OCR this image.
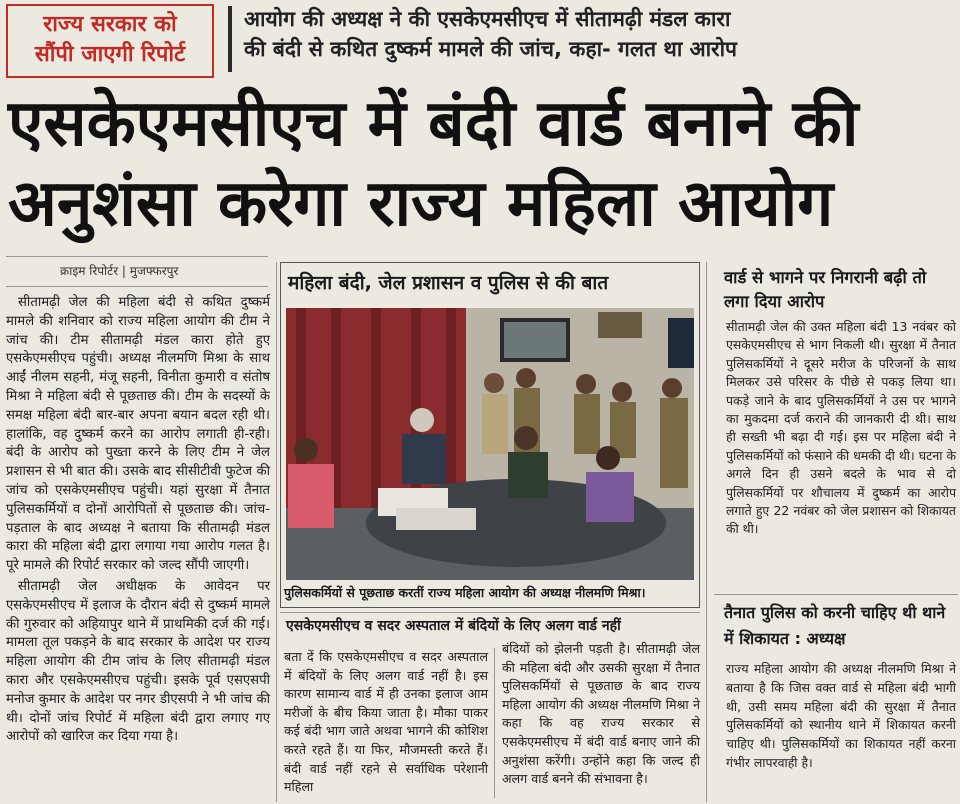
राज्य सरकार को
सौंपी जाएगी रिपोर्ट
आयोग की अध्यक्ष ने की एसकेएमसीएच में सीतामढ़ी मंडल कारा
की बंदी से कथित दुष्कर्म मामले की जांच, कहा- गलत था आरोप
एसकेएमसीएच में बंदी वार्ड बनाने की
अनुशंसा करेगा राज्य महिला आयोग
क्राइम रिपोर्टर | मुजफ्फरपुर

सीतामढ़ी जेल की महिला बंदी से कथित दुष्कर्म मामले की शनिवार को राज्य महिला आयोग की टीम ने जांच की। टीम सीतामढ़ी मंडल कारा होते हुए एसकेएमसीएच पहुंची। अध्यक्ष नीलमणि मिश्रा के साथ आईं नीलम सहनी, मंजू सहनी, विनीता कुमारी व संतोष मिश्रा ने महिला बंदी से पूछताछ की। टीम के सदस्यों के समक्ष महिला बंदी बार-बार अपना बयान बदल रही थी। हालांकि, वह दुष्कर्म करने का आरोप लगाती ही-रही। बंदी के आरोप को पुख्ता करने के लिए टीम ने जेल प्रशासन से भी बात की। उसके बाद सीसीटीवी फुटेज की जांच को एसकेएमसीएच पहुंची। यहां सुरक्षा में तैनात पुलिसकर्मियों व दोनों आरोपितों से पूछताछ की। जांच-पड़ताल के बाद अध्यक्ष ने बताया कि सीतामढ़ी मंडल कारा की महिला बंदी द्वारा लगाया गया आरोप गलत है। पूरे मामले की रिपोर्ट सरकार को जल्द सौंपी जाएगी।

सीतामढ़ी जेल अधीक्षक के आवेदन पर एसकेएमसीएच में इलाज के दौरान बंदी से दुष्कर्म मामले की गुरुवार को अहियापुर थाने में प्राथमिकी दर्ज की गई। मामला तूल पकड़ने के बाद सरकार के आदेश पर राज्य महिला आयोग की टीम जांच के लिए सीतामढ़ी मंडल कारा और एसकेएमसीएच पहुंची। इसके पूर्व एसएसपी मनोज कुमार के आदेश पर नगर डीएसपी ने भी जांच की थी। दोनों जांच रिपोर्ट में महिला बंदी द्वारा लगाए गए आरोपों को खारिज कर दिया गया है।

महिला बंदी, जेल प्रशासन व पुलिस से की बात
पुलिसकर्मियों से पूछताछ करतीं राज्य महिला आयोग की अध्यक्ष नीलमणि मिश्रा।
एसकेएमसीएच व सदर अस्पताल में बंदियों के लिए अलग वार्ड नहीं
बता दें कि एसकेएमसीएच व सदर अस्पताल में बंदियों के लिए अलग वार्ड नहीं है। इस कारण सामान्य वार्ड में ही उनका इलाज आम मरीजों के बीच किया जाता है। मौका पाकर कई बंदी भाग जाते अथवा भागने की कोशिश करते रहते हैं। या फिर, मौजमस्ती करते हैं। बंदी वार्ड नहीं रहने से सर्वाधिक परेशानी महिला
बंदियों को झेलनी पड़ती है। सीतामढ़ी जेल की महिला बंदी और उसकी सुरक्षा में तैनात पुलिसकर्मियों से पूछताछ के बाद राज्य महिला आयोग की अध्यक्ष नीलमणि मिश्रा ने कहा कि वह राज्य सरकार से एसकेएमसीएच में बंदी वार्ड बनाए जाने की अनुशंसा करेंगी। उन्होंने कहा कि जल्द ही अलग वार्ड बनने की संभावना है।
वार्ड से भागने पर निगरानी बढ़ी तो लगा दिया आरोप
सीतामढ़ी जेल की उक्त महिला बंदी 13 नवंबर को एसकेएमसीएच से भाग निकली थी। सुरक्षा में तैनात पुलिसकर्मियों ने दूसरे मरीज के परिजनों के साथ मिलकर उसे परिसर के पीछे से पकड़ लिया था। पकड़े जाने के बाद पुलिसकर्मियों ने उस पर भागने का मुकदमा दर्ज कराने की जानकारी दी थी। साथ ही सख्ती भी बढ़ा दी गई। इस पर महिला बंदी ने पुलिसकर्मियों को फंसाने की धमकी दी थी। घटना के अगले दिन ही उसने बदले के भाव से दो पुलिसकर्मियों पर शौचालय में दुष्कर्म का आरोप लगाते हुए 22 नवंबर को जेल प्रशासन को शिकायत की थी।
तैनात पुलिस को करनी चाहिए थी थाने में शिकायत : अध्यक्ष
राज्य महिला आयोग की अध्यक्ष नीलमणि मिश्रा ने बताया है कि जिस वक्त वार्ड से महिला बंदी भागी थी, उसी समय महिला बंदी की सुरक्षा में तैनात पुलिसकर्मियों को स्थानीय थाने में शिकायत करनी चाहिए थी। पुलिसकर्मियों का शिकायत नहीं करना गंभीर लापरवाही है।
